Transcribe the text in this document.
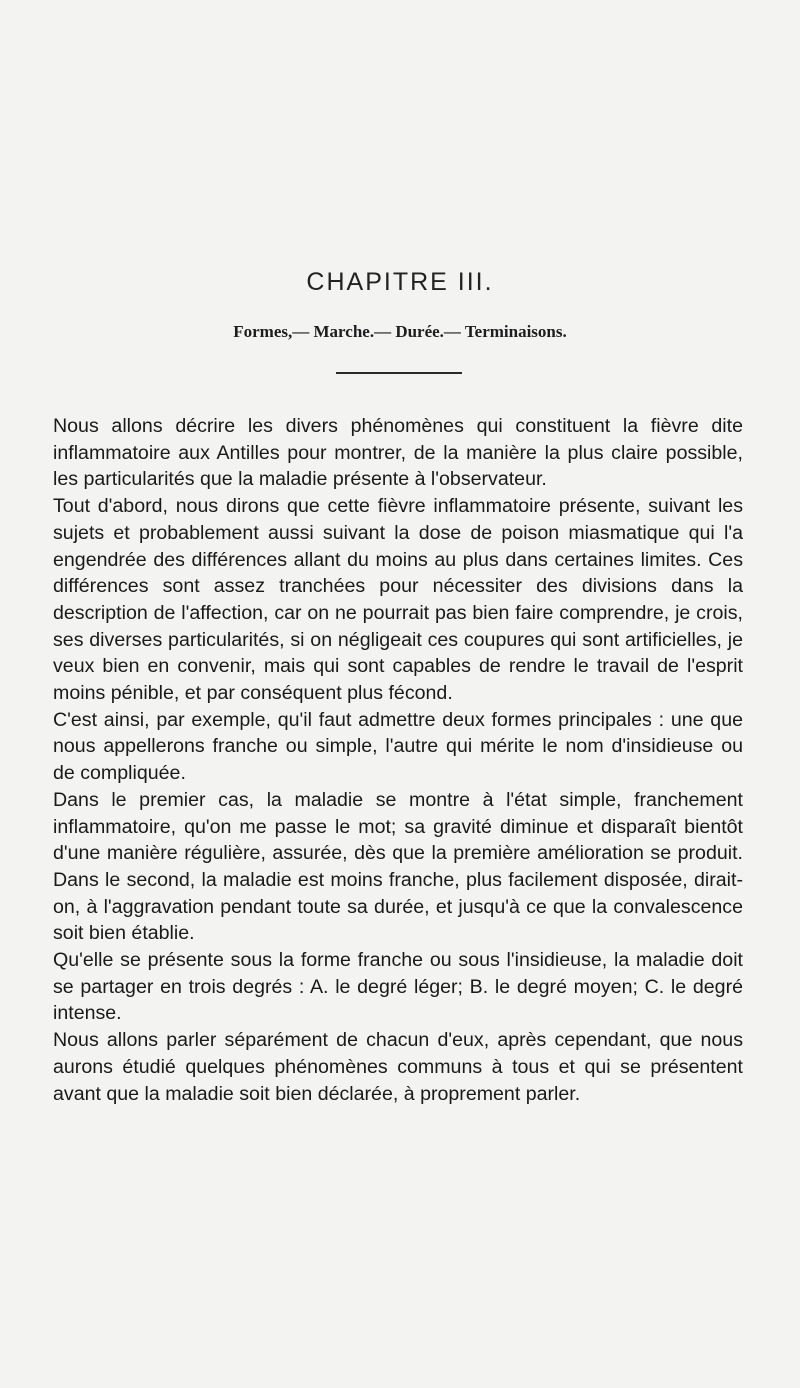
CHAPITRE III.
Formes,— Marche.— Durée.— Terminaisons.

Nous allons décrire les divers phénomènes qui constituent la fièvre dite inflammatoire aux Antilles pour montrer, de la manière la plus claire possible, les particularités que la maladie présente à l'observateur.

Tout d'abord, nous dirons que cette fièvre inflammatoire présente, suivant les sujets et probablement aussi suivant la dose de poison miasmatique qui l'a engendrée des différences allant du moins au plus dans certaines limites. Ces différences sont assez tranchées pour nécessiter des divisions dans la description de l'affection, car on ne pourrait pas bien faire comprendre, je crois, ses diverses particularités, si on négligeait ces coupures qui sont artificielles, je veux bien en convenir, mais qui sont capables de rendre le travail de l'esprit moins pénible, et par conséquent plus fécond.

C'est ainsi, par exemple, qu'il faut admettre deux formes principales : une que nous appellerons franche ou simple, l'autre qui mérite le nom d'insidieuse ou de compliquée.

Dans le premier cas, la maladie se montre à l'état simple, franchement inflammatoire, qu'on me passe le mot; sa gravité diminue et disparaît bientôt d'une manière régulière, assurée, dès que la première amélioration se produit. Dans le second, la maladie est moins franche, plus facilement disposée, dirait-on, à l'aggravation pendant toute sa durée, et jusqu'à ce que la convalescence soit bien établie.

Qu'elle se présente sous la forme franche ou sous l'insidieuse, la maladie doit se partager en trois degrés : A. le degré léger; B. le degré moyen; C. le degré intense.

Nous allons parler séparément de chacun d'eux, après cependant, que nous aurons étudié quelques phénomènes communs à tous et qui se présentent avant que la maladie soit bien déclarée, à proprement parler.
